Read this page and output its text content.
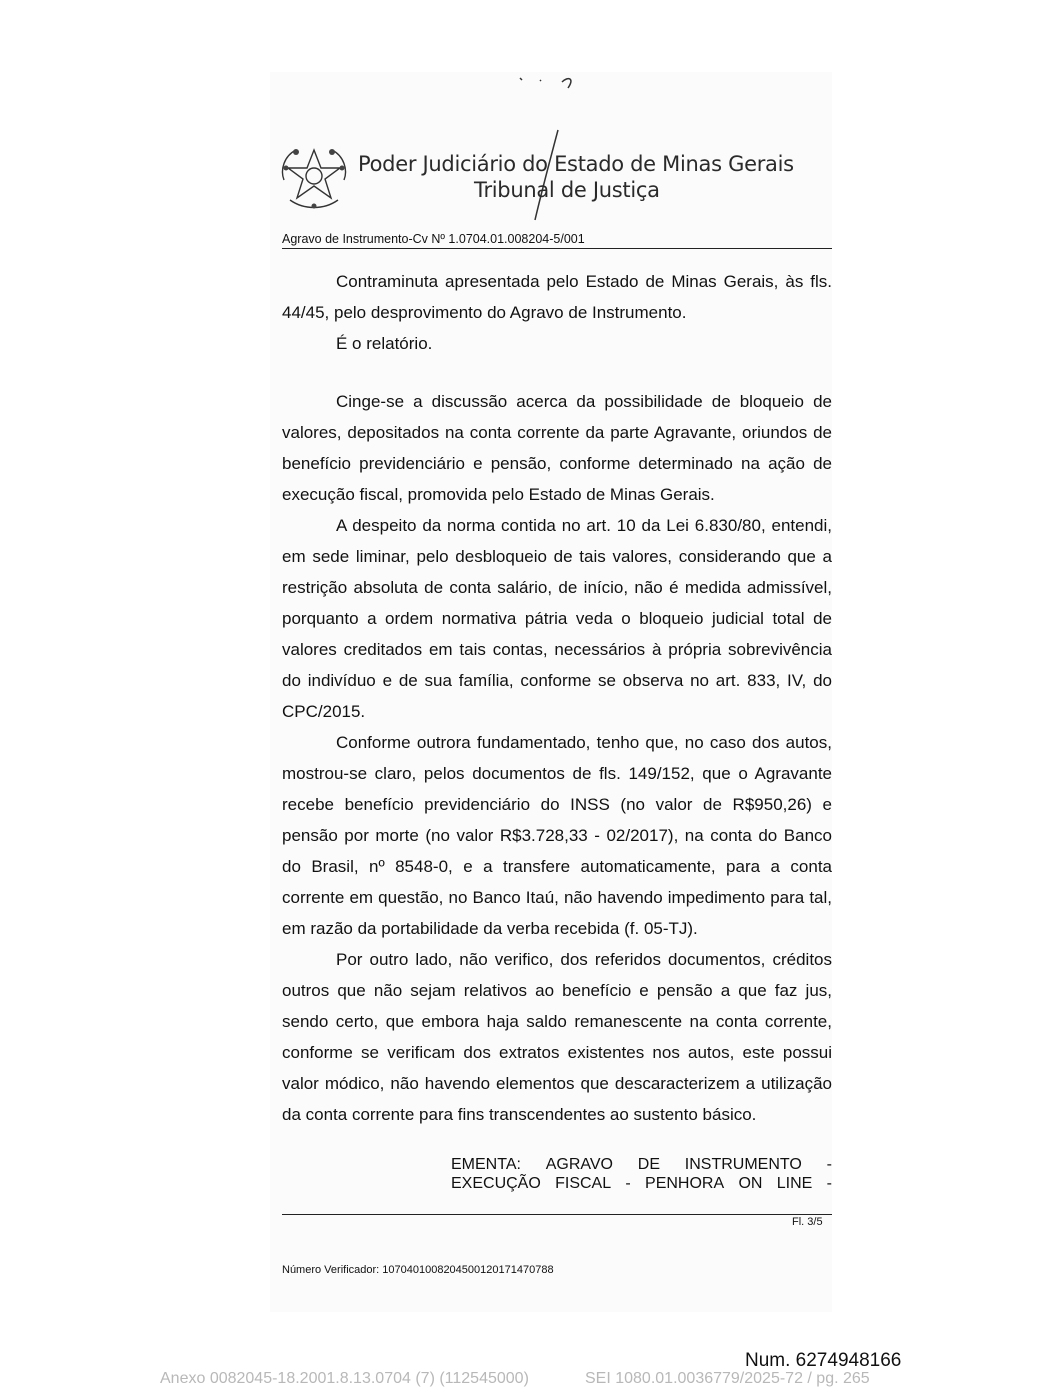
Poder Judiciário do Estado de Minas Gerais
Tribunal de Justiça
Agravo de Instrumento-Cv Nº 1.0704.01.008204-5/001

Contraminuta apresentada pelo Estado de Minas Gerais, às fls. 44/45, pelo desprovimento do Agravo de Instrumento.

É o relatório.

Cinge-se a discussão acerca da possibilidade de bloqueio de valores, depositados na conta corrente da parte Agravante, oriundos de benefício previdenciário e pensão, conforme determinado na ação de execução fiscal, promovida pelo Estado de Minas Gerais.

A despeito da norma contida no art. 10 da Lei 6.830/80, entendi, em sede liminar, pelo desbloqueio de tais valores, considerando que a restrição absoluta de conta salário, de início, não é medida admissível, porquanto a ordem normativa pátria veda o bloqueio judicial total de valores creditados em tais contas, necessários à própria sobrevivência do indivíduo e de sua família, conforme se observa no art. 833, IV, do CPC/2015.

Conforme outrora fundamentado, tenho que, no caso dos autos, mostrou-se claro, pelos documentos de fls. 149/152, que o Agravante recebe benefício previdenciário do INSS (no valor de R$950,26) e pensão por morte (no valor R$3.728,33 - 02/2017), na conta do Banco do Brasil, nº 8548-0, e a transfere automaticamente, para a conta corrente em questão, no Banco Itaú, não havendo impedimento para tal, em razão da portabilidade da verba recebida (f. 05-TJ).

Por outro lado, não verifico, dos referidos documentos, créditos outros que não sejam relativos ao benefício e pensão a que faz jus, sendo certo, que embora haja saldo remanescente na conta corrente, conforme se verificam dos extratos existentes nos autos, este possui valor módico, não havendo elementos que descaracterizem a utilização da conta corrente para fins transcendentes ao sustento básico.

EMENTA: AGRAVO DE INSTRUMENTO -
EXECUÇÃO FISCAL - PENHORA ON LINE -
Fl. 3/5
Número Verificador: 10704010082045001201714707​88
Num. 6274948166
Anexo 0082045-18.2001.8.13.0704 (7) (112545000)	SEI 1080.01.0036779/2025-72 / pg. 265
